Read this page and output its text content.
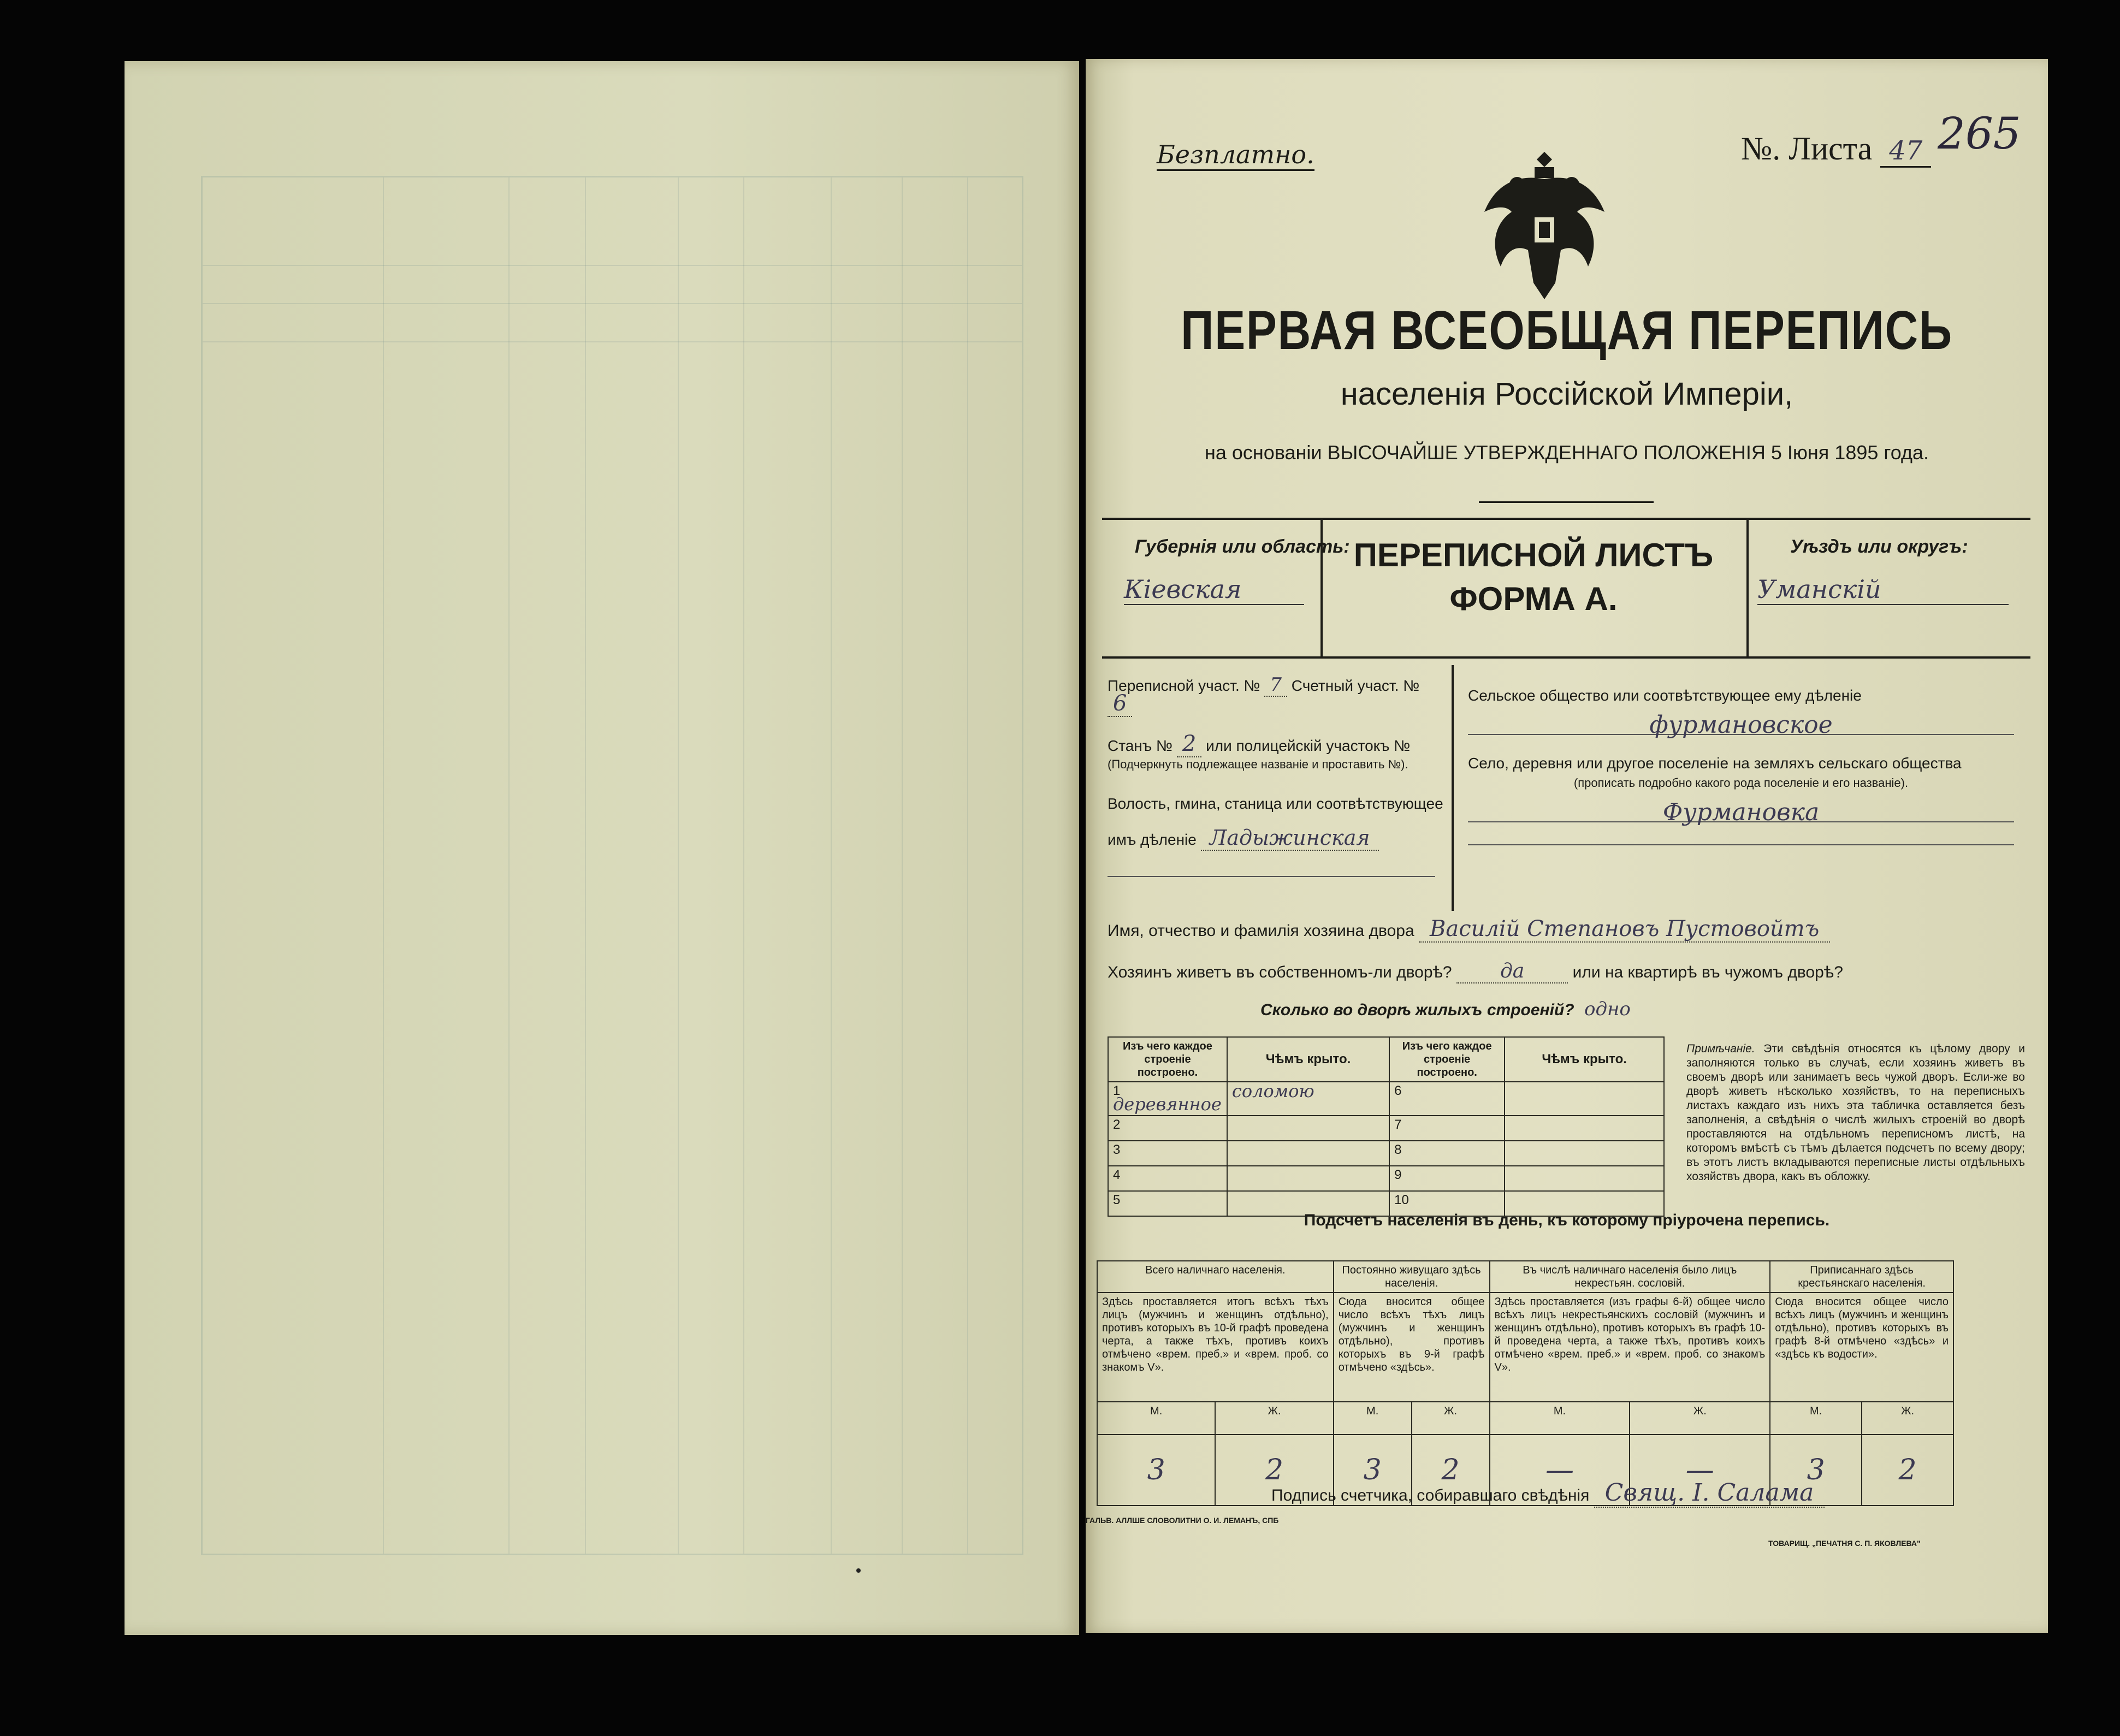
Безплатно.	№. Листа 47 265
ПЕРВАЯ ВСЕОБЩАЯ ПЕРЕПИСЬ
населенія Россійской Имперіи,
на основаніи ВЫСОЧАЙШЕ УТВЕРЖДЕННАГО ПОЛОЖЕНІЯ 5 Іюня 1895 года.
Губернія или область:
Кіевская
ПЕРЕПИСНОЙ ЛИСТЪ
ФОРМА А.
Уѣздъ или округъ:
Уманскій
Переписной участ. № 7 Счетный участ. № 6
Станъ № 2 или полицейскій участокъ №
(Подчеркнуть подлежащее названіе и проставить №).
Волость, гмина, станица или соотвѣтствующее
имъ дѣленіе Ладыжинская
Сельское общество или соотвѣтствующее ему дѣленіе
фурмановское
Село, деревня или другое поселеніе на земляхъ сельскаго общества
(прописать подробно какого рода поселеніе и его названіе).
Фурмановка
Имя, отчество и фамилія хозяина двора Василій Степановъ Пустовойтъ
Хозяинъ живетъ въ собственномъ-ли дворѣ? да	или на квартирѣ въ чужомъ дворѣ?
Сколько во дворѣ жилыхъ строеній? одно
Изъ чего каждое строеніе построено.	Чѣмъ крыто.	Изъ чего каждое строеніе построено.	Чѣмъ крыто.
1 деревянное	соломою	6	
2		7	
3		8	
4		9	
5		10	
Примѣчаніе. Эти свѣдѣнія относятся къ цѣлому двору и заполняются только въ случаѣ, если хозяинъ живетъ въ своемъ дворѣ или занимаетъ весь чужой дворъ. Если-же во дворѣ живетъ нѣсколько хозяйствъ, то на переписныхъ листахъ каждаго изъ нихъ эта табличка оставляется безъ заполненія, а свѣдѣнія о числѣ жилыхъ строеній во дворѣ проставляются на отдѣльномъ переписномъ листѣ, на которомъ вмѣстѣ съ тѣмъ дѣлается подсчетъ по всему двору; въ этотъ листъ вкладываются переписные листы отдѣльныхъ хозяйствъ двора, какъ въ обложку.
Подсчетъ населенія въ день, къ которому пріурочена перепись.
Всего наличнаго населенія.		Постоянно живущаго здѣсь населенія.		Въ числѣ наличнаго населенія было лицъ некрестьян. сословій.		Приписаннаго здѣсь крестьянскаго населенія.	
Здѣсь проставляется итогъ всѣхъ тѣхъ лицъ (мужчинъ и женщинъ отдѣльно), противъ которыхъ въ 10-й графѣ проведена черта, а также тѣхъ, противъ коихъ отмѣчено «врем. преб.» и «врем. проб. со знакомъ V».		Сюда вносится общее число всѣхъ тѣхъ лицъ (мужчинъ и женщинъ отдѣльно), противъ которыхъ въ 9-й графѣ отмѣчено «здѣсь».		Здѣсь проставляется (изъ графы 6-й) общее число всѣхъ лицъ некрестьянскихъ сословій (мужчинъ и женщинъ отдѣльно), противъ которыхъ въ графѣ 10-й проведена черта, а также тѣхъ, противъ коихъ отмѣчено «врем. преб.» и «врем. проб. со знакомъ V».		Сюда вносится общее число всѣхъ лицъ (мужчинъ и женщинъ отдѣльно), противъ которыхъ въ графѣ 8-й отмѣчено «здѣсь» и «здѣсь къ водости».	
М.	Ж.	М.	Ж.	М.	Ж.	М.	Ж.
3	2	3	2	—	—	3	2
Подпись счетчика, собиравшаго свѣдѣнія Свящ. І. Салама
ГАЛЬВ. АЛЛШЕ СЛОВОЛИТНИ О. И. ЛЕМАНЪ, СПБ
ТОВАРИЩ. „ПЕЧАТНЯ С. П. ЯКОВЛЕВА"
